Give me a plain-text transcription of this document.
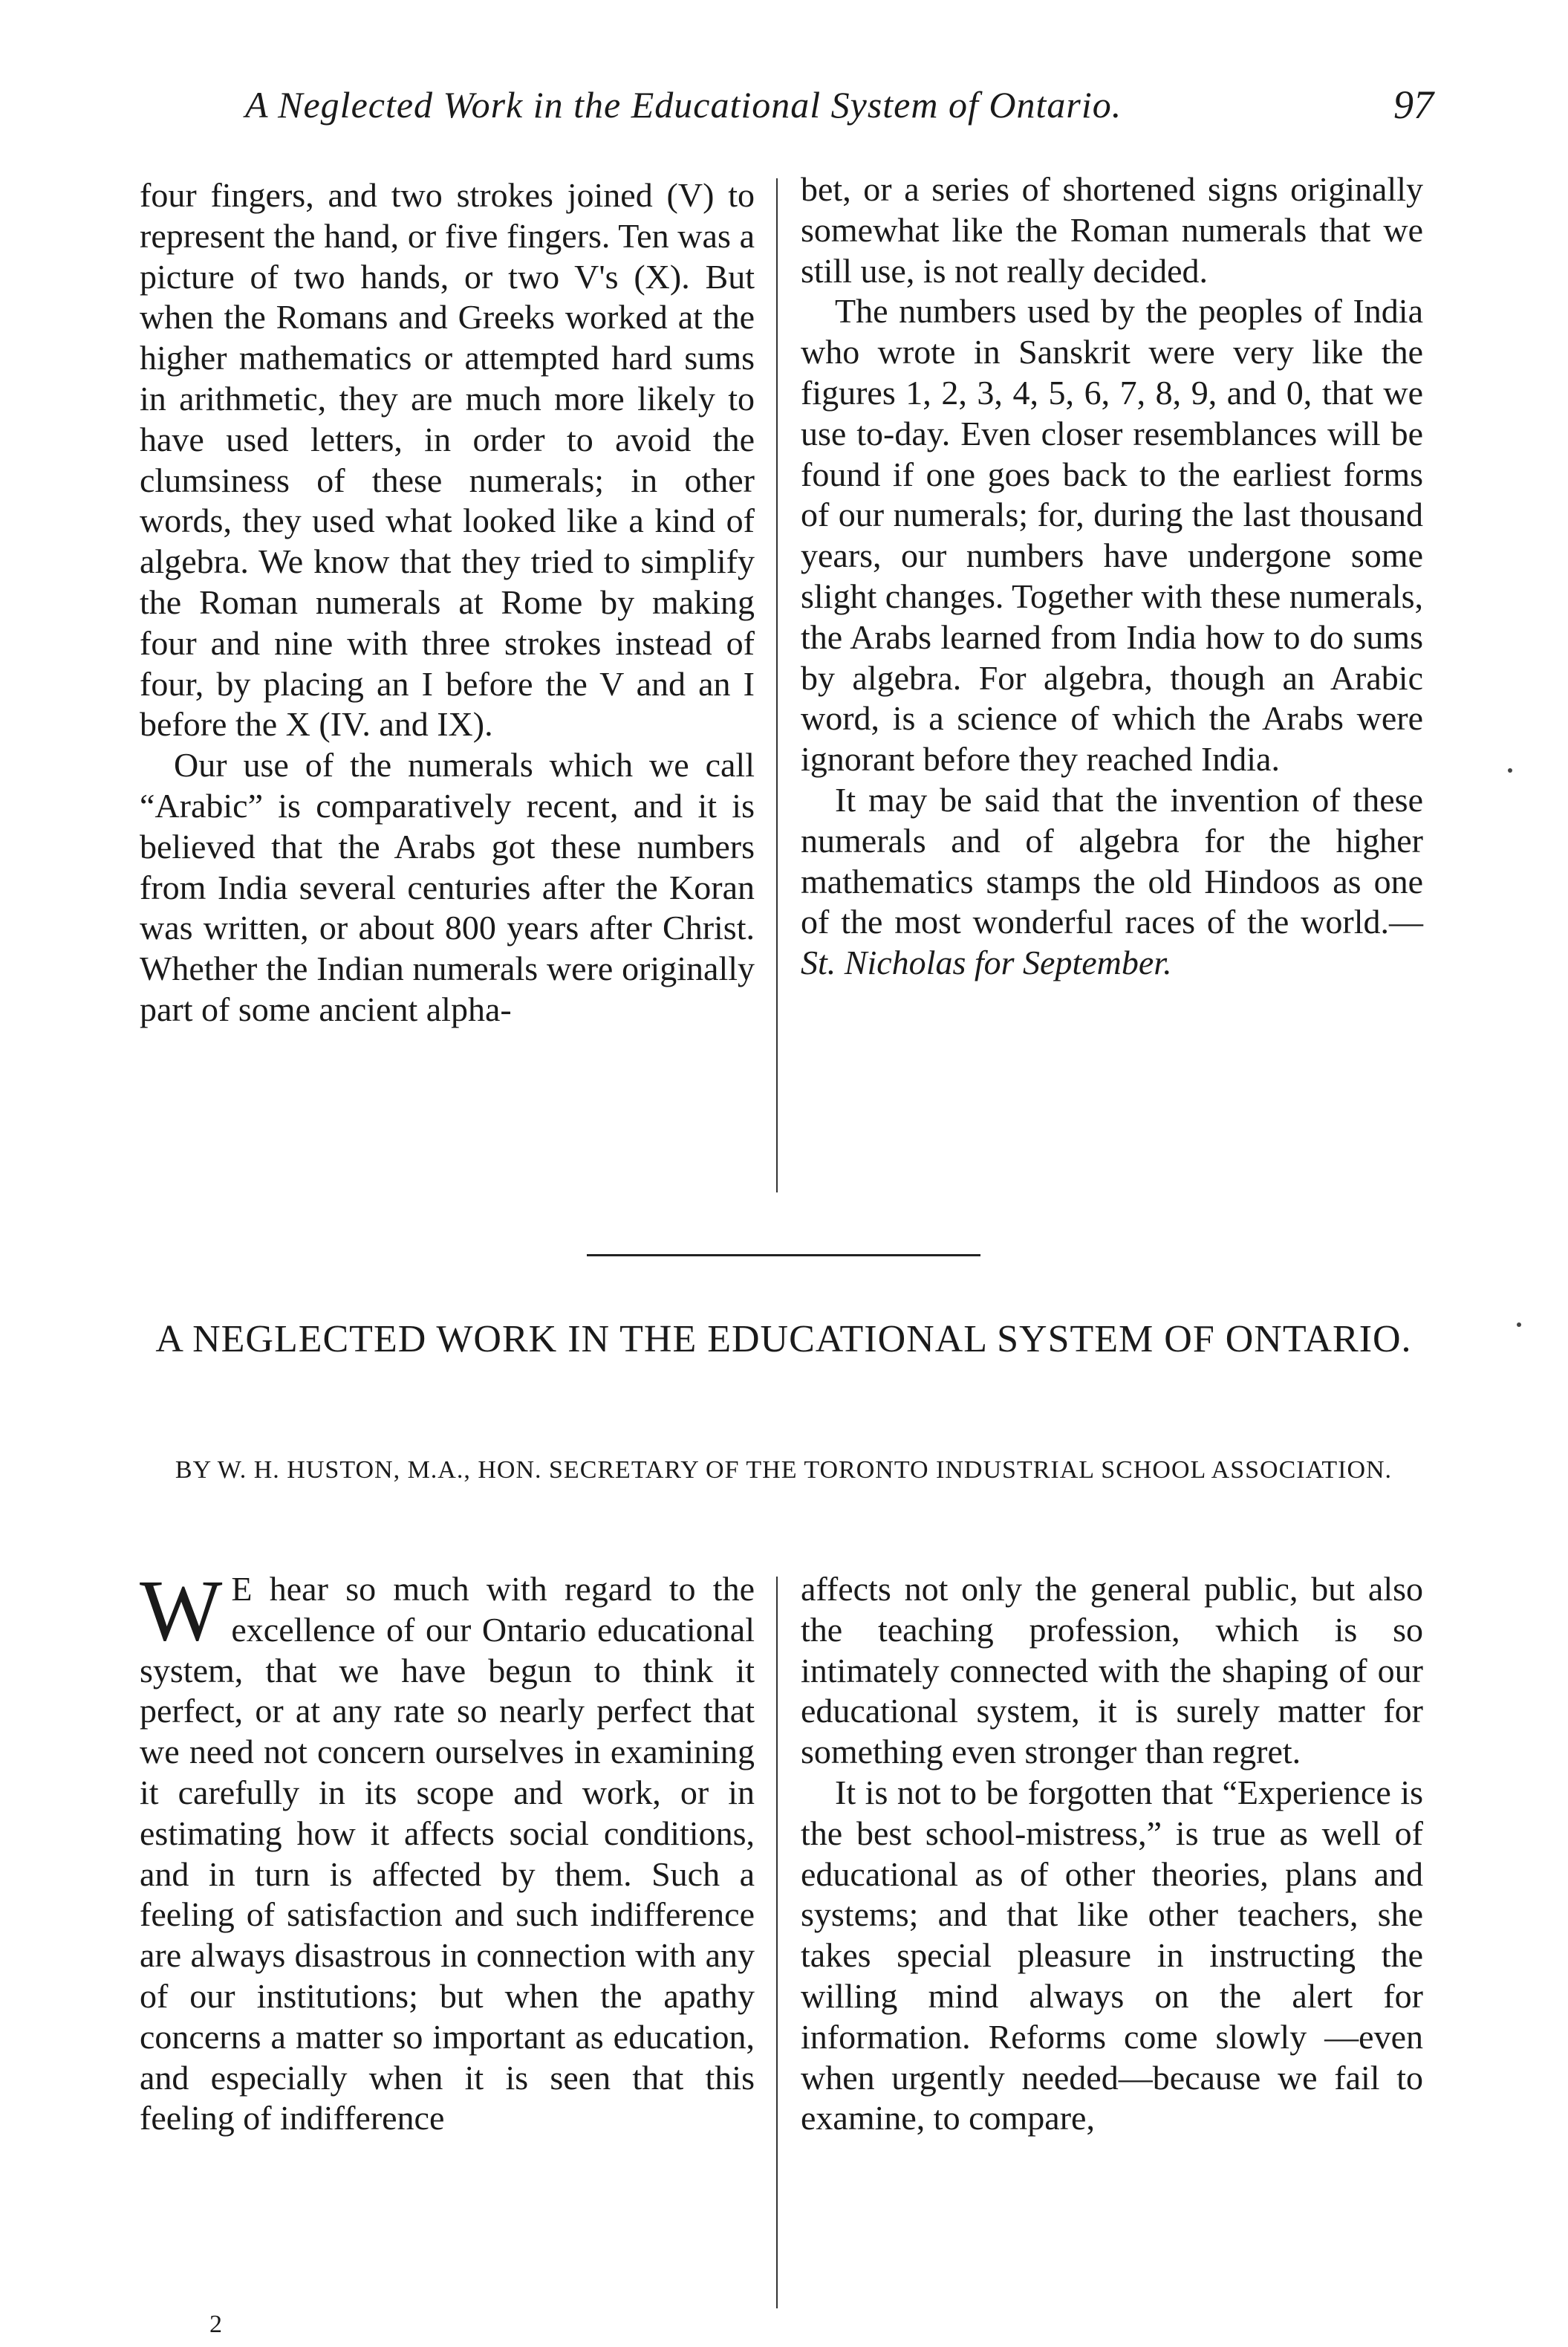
A Neglected Work in the Educational System of Ontario.	97

four fingers, and two strokes joined (V) to represent the hand, or five fingers. Ten was a picture of two hands, or two V's (X). But when the Romans and Greeks worked at the higher mathematics or attempted hard sums in arithmetic, they are much more likely to have used letters, in order to avoid the clumsiness of these numerals; in other words, they used what looked like a kind of algebra. We know that they tried to simplify the Roman numerals at Rome by making four and nine with three strokes instead of four, by placing an I before the V and an I before the X (IV. and IX).

Our use of the numerals which we call “Arabic” is comparatively recent, and it is believed that the Arabs got these numbers from India several centuries after the Koran was written, or about 800 years after Christ. Whether the Indian numerals were originally part of some ancient alpha-

bet, or a series of shortened signs originally somewhat like the Roman numerals that we still use, is not really decided.

The numbers used by the peoples of India who wrote in Sanskrit were very like the figures 1, 2, 3, 4, 5, 6, 7, 8, 9, and 0, that we use to-day. Even closer resemblances will be found if one goes back to the earliest forms of our numerals; for, during the last thousand years, our numbers have undergone some slight changes. Together with these numerals, the Arabs learned from India how to do sums by algebra. For algebra, though an Arabic word, is a science of which the Arabs were ignorant before they reached India.

It may be said that the invention of these numerals and of algebra for the higher mathematics stamps the old Hindoos as one of the most wonderful races of the world.—St. Nicholas for September.

A NEGLECTED WORK IN THE EDUCATIONAL SYSTEM OF ONTARIO.
BY W. H. HUSTON, M.A., HON. SECRETARY OF THE TORONTO INDUSTRIAL SCHOOL ASSOCIATION.

W E hear so much with regard to the excellence of our Ontario educational system, that we have begun to think it perfect, or at any rate so nearly perfect that we need not concern ourselves in examining it carefully in its scope and work, or in estimating how it affects social conditions, and in turn is affected by them. Such a feeling of satisfaction and such indifference are always disastrous in connection with any of our institutions; but when the apathy concerns a matter so important as education, and especially when it is seen that this feeling of indifference

affects not only the general public, but also the teaching profession, which is so intimately connected with the shaping of our educational system, it is surely matter for something even stronger than regret.

It is not to be forgotten that “Experience is the best school-mistress,” is true as well of educational as of other theories, plans and systems; and that like other teachers, she takes special pleasure in instructing the willing mind always on the alert for information. Reforms come slowly —even when urgently needed—because we fail to examine, to compare,

2
